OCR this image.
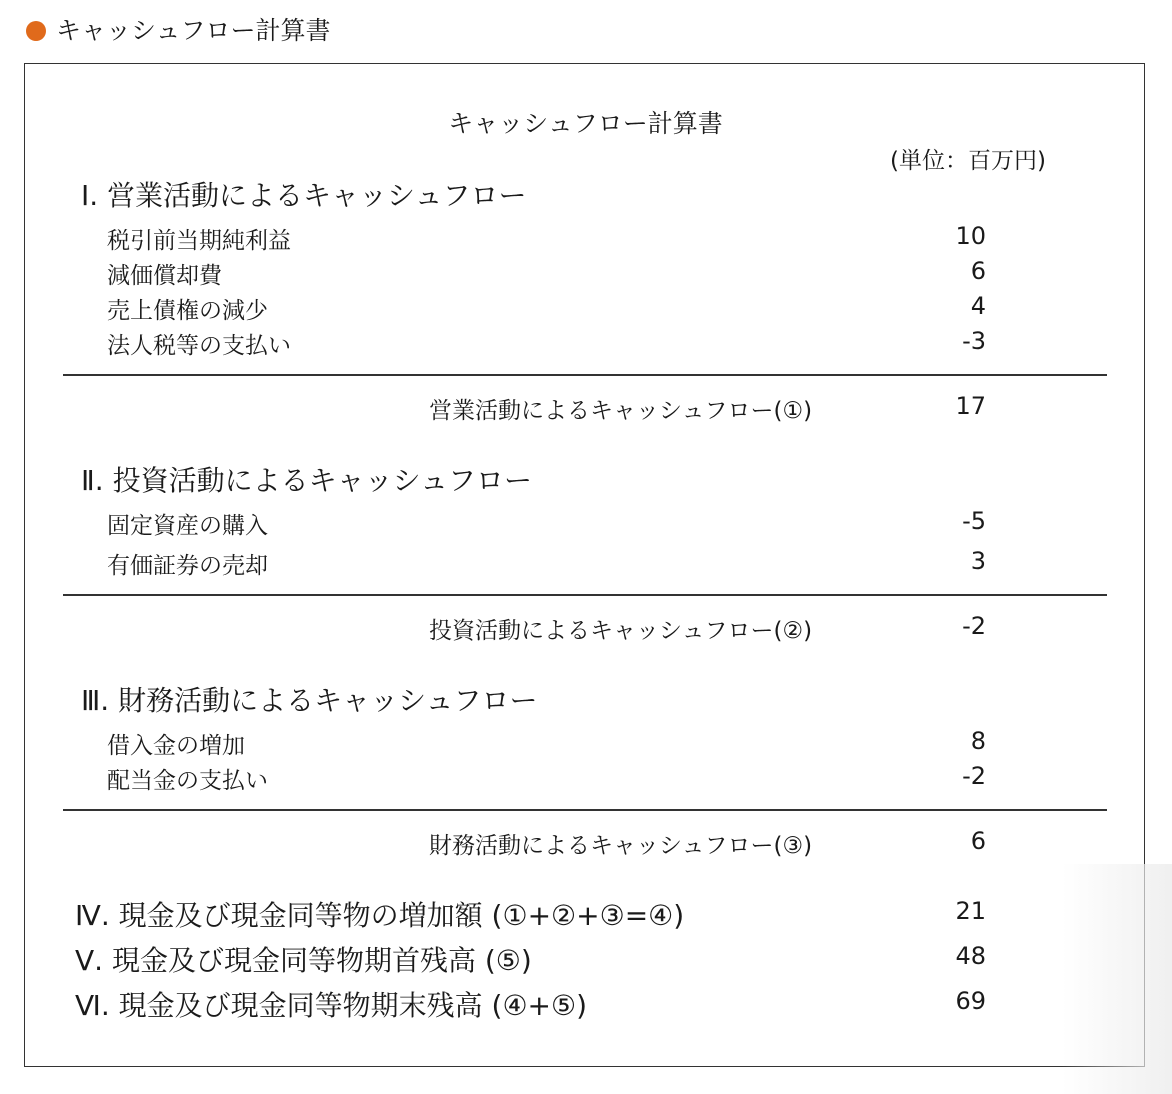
キャッシュフロー計算書
キャッシュフロー計算書
(単位：百万円)
Ⅰ. 営業活動によるキャッシュフロー
税引前当期純利益	10
減価償却費	6
売上債権の減少	4
法人税等の支払い	-3
営業活動によるキャッシュフロー(①)	17
Ⅱ. 投資活動によるキャッシュフロー
固定資産の購入	-5
有価証券の売却	3
投資活動によるキャッシュフロー(②)	-2
Ⅲ. 財務活動によるキャッシュフロー
借入金の増加	8
配当金の支払い	-2
財務活動によるキャッシュフロー(③)	6
Ⅳ. 現金及び現金同等物の増加額 (①+②+③=④)	21
Ⅴ. 現金及び現金同等物期首残高 (⑤)	48
Ⅵ. 現金及び現金同等物期末残高 (④+⑤)	69
